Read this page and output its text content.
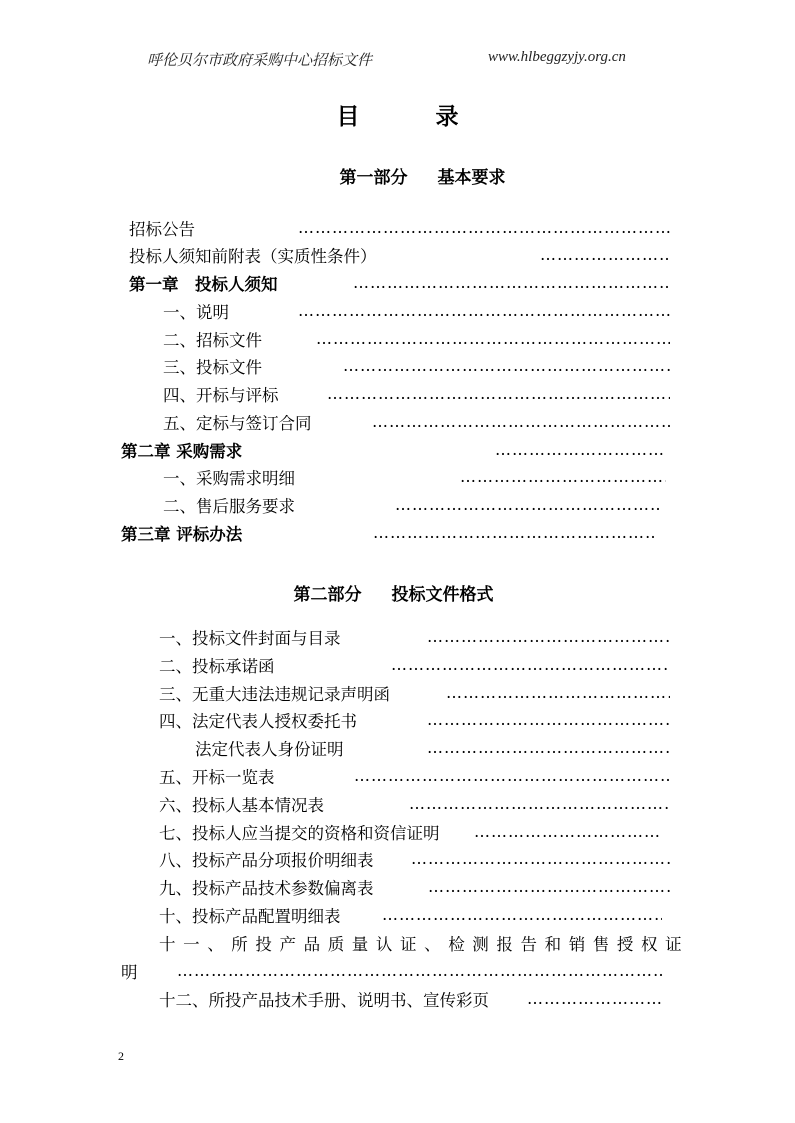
呼伦贝尔市政府采购中心招标文件	www.hlbeggzyjy.org.cn
目	录
第一部分 基本要求
招标公告
………………………………………………………………………………………………………………………
投标人须知前附表（实质性条件）
………………………………………………………………………………………………………………………
第一章　投标人须知
………………………………………………………………………………………………………………………
一、说明
………………………………………………………………………………………………………………………
二、招标文件
………………………………………………………………………………………………………………………
三、投标文件
………………………………………………………………………………………………………………………
四、开标与评标
………………………………………………………………………………………………………………………
五、定标与签订合同
………………………………………………………………………………………………………………………
第二章 采购需求
………………………………………………………………………………………………………………………
一、采购需求明细
………………………………………………………………………………………………………………………
二、售后服务要求
………………………………………………………………………………………………………………………
第三章 评标办法
………………………………………………………………………………………………………………………
第二部分 投标文件格式
一、投标文件封面与目录
………………………………………………………………………………………………………………………
二、投标承诺函
………………………………………………………………………………………………………………………
三、无重大违法违规记录声明函
………………………………………………………………………………………………………………………
四、法定代表人授权委托书
………………………………………………………………………………………………………………………
法定代表人身份证明
………………………………………………………………………………………………………………………
五、开标一览表
………………………………………………………………………………………………………………………
六、投标人基本情况表
………………………………………………………………………………………………………………………
七、投标人应当提交的资格和资信证明
………………………………………………………………………………………………………………………
八、投标产品分项报价明细表
………………………………………………………………………………………………………………………
九、投标产品技术参数偏离表
………………………………………………………………………………………………………………………
十、投标产品配置明细表
………………………………………………………………………………………………………………………
十一、所投产品质量认证、检测报告和销售授权证
明
………………………………………………………………………………………………………………………
十二、所投产品技术手册、说明书、宣传彩页
………………………………………………………………………………………………………………………
2
